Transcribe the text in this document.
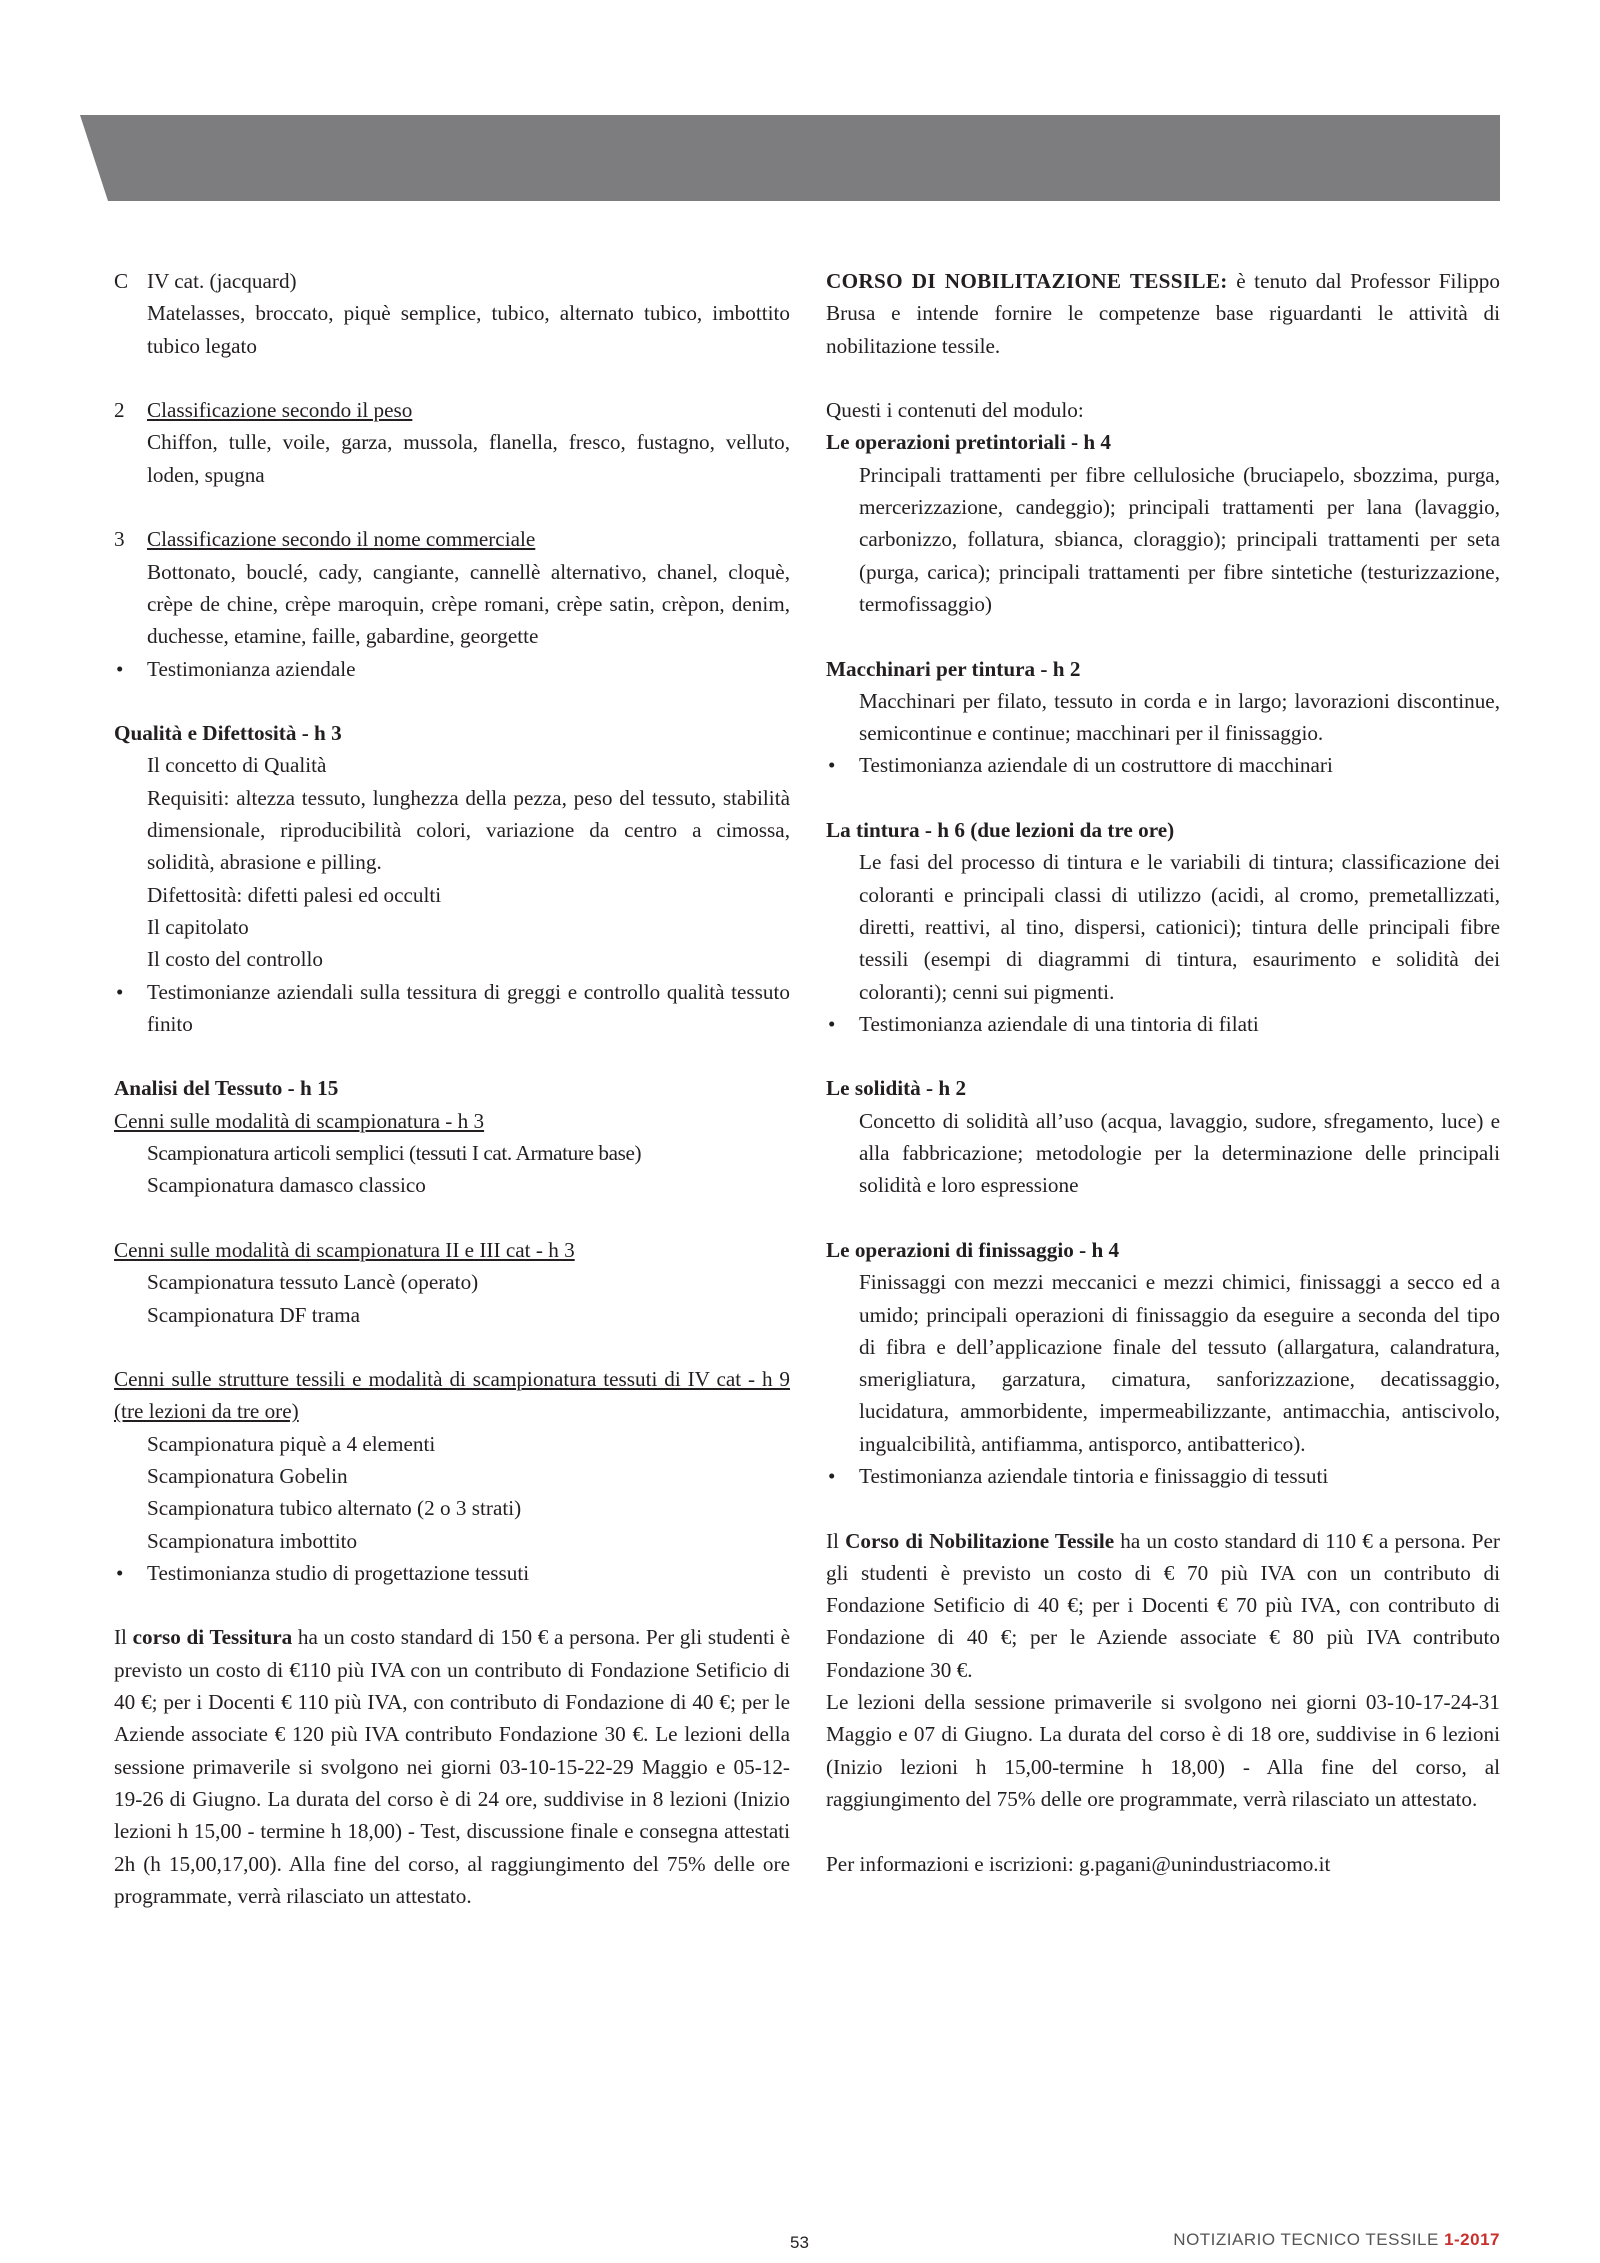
C IV cat. (jacquard)
Matelasses, broccato, piquè semplice, tubico, alternato tubico, imbottito tubico legato
2	Classificazione secondo il peso
Chiffon, tulle, voile, garza, mussola, flanella, fresco, fustagno, velluto, loden, spugna
3	Classificazione secondo il nome commerciale
Bottonato, bouclé, cady, cangiante, cannellè alternativo, chanel, cloquè, crèpe de chine, crèpe maroquin, crèpe romani, crèpe satin, crèpon, denim, duchesse, etamine, faille, gabardine, georgette
•	Testimonianza aziendale
Qualità e Difettosità - h 3
Il concetto di Qualità
Requisiti: altezza tessuto, lunghezza della pezza, peso del tessuto, stabilità dimensionale, riproducibilità colori, variazione da centro a cimossa, solidità, abrasione e pilling.
Difettosità: difetti palesi ed occulti
Il capitolato
Il costo del controllo
•	Testimonianze aziendali sulla tessitura di greggi e controllo qualità tessuto finito
Analisi del Tessuto - h 15
Cenni sulle modalità di scampionatura - h 3
Scampionatura articoli semplici (tessuti I cat. Armature base)
Scampionatura damasco classico
Cenni sulle modalità di scampionatura II e III cat - h 3
Scampionatura tessuto Lancè (operato)
Scampionatura DF trama
Cenni sulle strutture tessili e modalità di scampionatura tessuti di IV cat - h 9 (tre lezioni da tre ore)
Scampionatura piquè a 4 elementi
Scampionatura Gobelin
Scampionatura tubico alternato (2 o 3 strati)
Scampionatura imbottito
•	Testimonianza studio di progettazione tessuti

Il corso di Tessitura ha un costo standard di 150 € a persona. Per gli studenti è previsto un costo di €110 più IVA con un contributo di Fondazione Setificio di 40 €; per i Docenti € 110 più IVA, con contributo di Fondazione di 40 €; per le Aziende associate € 120 più IVA contributo Fondazione 30 €. Le lezioni della sessione primaverile si svolgono nei giorni 03-10-15-22-29 Maggio e 05-12-19-26 di Giugno. La durata del corso è di 24 ore, suddivise in 8 lezioni (Inizio lezioni h 15,00 - termine h 18,00) - Test, discussione finale e consegna attestati 2h (h 15,00,17,00). Alla fine del corso, al raggiungimento del 75% delle ore programmate, verrà rilasciato un attestato.

CORSO DI NOBILITAZIONE TESSILE: è tenuto dal Professor Filippo Brusa e intende fornire le competenze base riguardanti le attività di nobilitazione tessile.

Questi i contenuti del modulo:
Le operazioni pretintoriali - h 4
Principali trattamenti per fibre cellulosiche (bruciapelo, sbozzima, purga, mercerizzazione, candeggio); principali trattamenti per lana (lavaggio, carbonizzo, follatura, sbianca, cloraggio); principali trattamenti per seta (purga, carica); principali trattamenti per fibre sintetiche (testurizzazione, termofissaggio)
Macchinari per tintura - h 2
Macchinari per filato, tessuto in corda e in largo; lavorazioni discontinue, semicontinue e continue; macchinari per il finissaggio.
•	Testimonianza aziendale di un costruttore di macchinari
La tintura - h 6 (due lezioni da tre ore)
Le fasi del processo di tintura e le variabili di tintura; classificazione dei coloranti e principali classi di utilizzo (acidi, al cromo, premetallizzati, diretti, reattivi, al tino, dispersi, cationici); tintura delle principali fibre tessili (esempi di diagrammi di tintura, esaurimento e solidità dei coloranti); cenni sui pigmenti.
•	Testimonianza aziendale di una tintoria di filati
Le solidità - h 2
Concetto di solidità all’uso (acqua, lavaggio, sudore, sfregamento, luce) e alla fabbricazione; metodologie per la determinazione delle principali solidità e loro espressione
Le operazioni di finissaggio - h 4
Finissaggi con mezzi meccanici e mezzi chimici, finissaggi a secco ed a umido; principali operazioni di finissaggio da eseguire a seconda del tipo di fibra e dell’applicazione finale del tessuto (allargatura, calandratura, smerigliatura, garzatura, cimatura, sanforizzazione, decatissaggio, lucidatura, ammorbidente, impermeabilizzante, antimacchia, antiscivolo, ingualcibilità, antifiamma, antisporco, antibatterico).
•	Testimonianza aziendale tintoria e finissaggio di tessuti

Il Corso di Nobilitazione Tessile ha un costo standard di 110 € a persona. Per gli studenti è previsto un costo di € 70 più IVA con un contributo di Fondazione Setificio di 40 €; per i Docenti € 70 più IVA, con contributo di Fondazione di 40 €; per le Aziende associate € 80 più IVA contributo Fondazione 30 €.

Le lezioni della sessione primaverile si svolgono nei giorni 03-10-17-24-31 Maggio e 07 di Giugno. La durata del corso è di 18 ore, suddivise in 6 lezioni (Inizio lezioni h 15,00-termine h 18,00) - Alla fine del corso, al raggiungimento del 75% delle ore programmate, verrà rilasciato un attestato.

Per informazioni e iscrizioni: g.pagani@unindustriacomo.it

53	NOTIZIARIO TECNICO TESSILE 1-2017
